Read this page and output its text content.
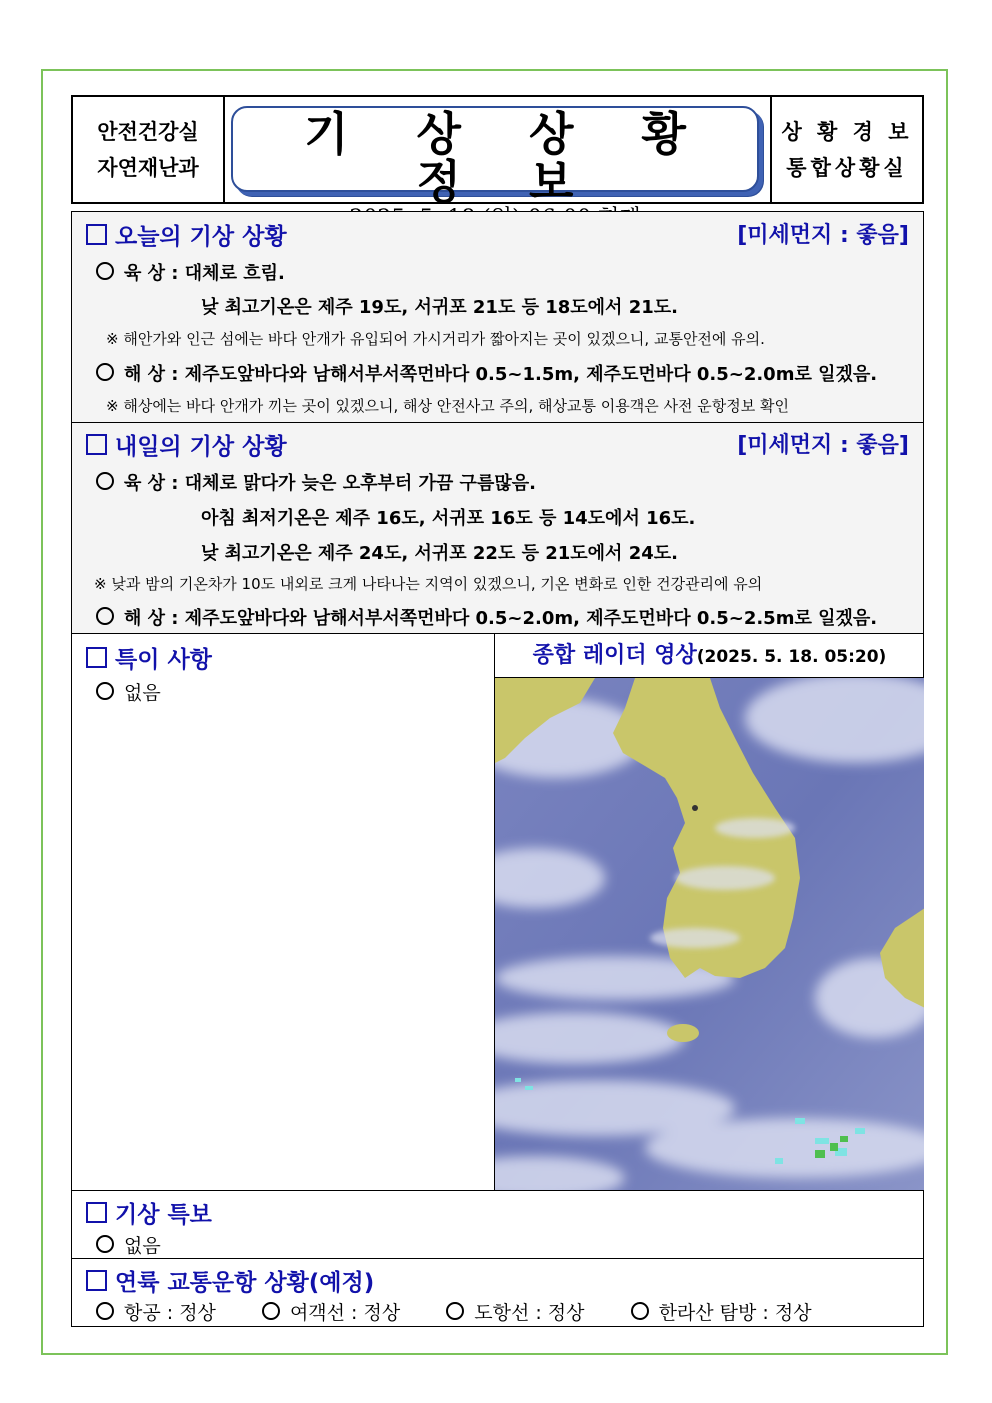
안전건강실
자연재난과
기 상 상 황 정 보
상 황 경 보
통합상황실
오늘의 기상 상황	[미세먼지 : 좋음]
육 상 : 대체로 흐림.
낮 최고기온은 제주 19도, 서귀포 21도 등 18도에서 21도.
※ 해안가와 인근 섬에는 바다 안개가 유입되어 가시거리가 짧아지는 곳이 있겠으니, 교통안전에 유의.
해 상 : 제주도앞바다와 남해서부서쪽먼바다 0.5~1.5m, 제주도먼바다 0.5~2.0m로 일겠음.
※ 해상에는 바다 안개가 끼는 곳이 있겠으니, 해상 안전사고 주의, 해상교통 이용객은 사전 운항정보 확인
내일의 기상 상황	[미세먼지 : 좋음]
육 상 : 대체로 맑다가 늦은 오후부터 가끔 구름많음.
아침 최저기온은 제주 16도, 서귀포 16도 등 14도에서 16도.
낮 최고기온은 제주 24도, 서귀포 22도 등 21도에서 24도.
※ 낮과 밤의 기온차가 10도 내외로 크게 나타나는 지역이 있겠으니, 기온 변화로 인한 건강관리에 유의
해 상 : 제주도앞바다와 남해서부서쪽먼바다 0.5~2.0m, 제주도먼바다 0.5~2.5m로 일겠음.
특이 사항
없음
종합 레이더 영상(2025. 5. 18. 05:20)
기상 특보
없음
연륙 교통운항 상황(예정)
항공 : 정상	여객선 : 정상	도항선 : 정상	한라산 탐방 : 정상
